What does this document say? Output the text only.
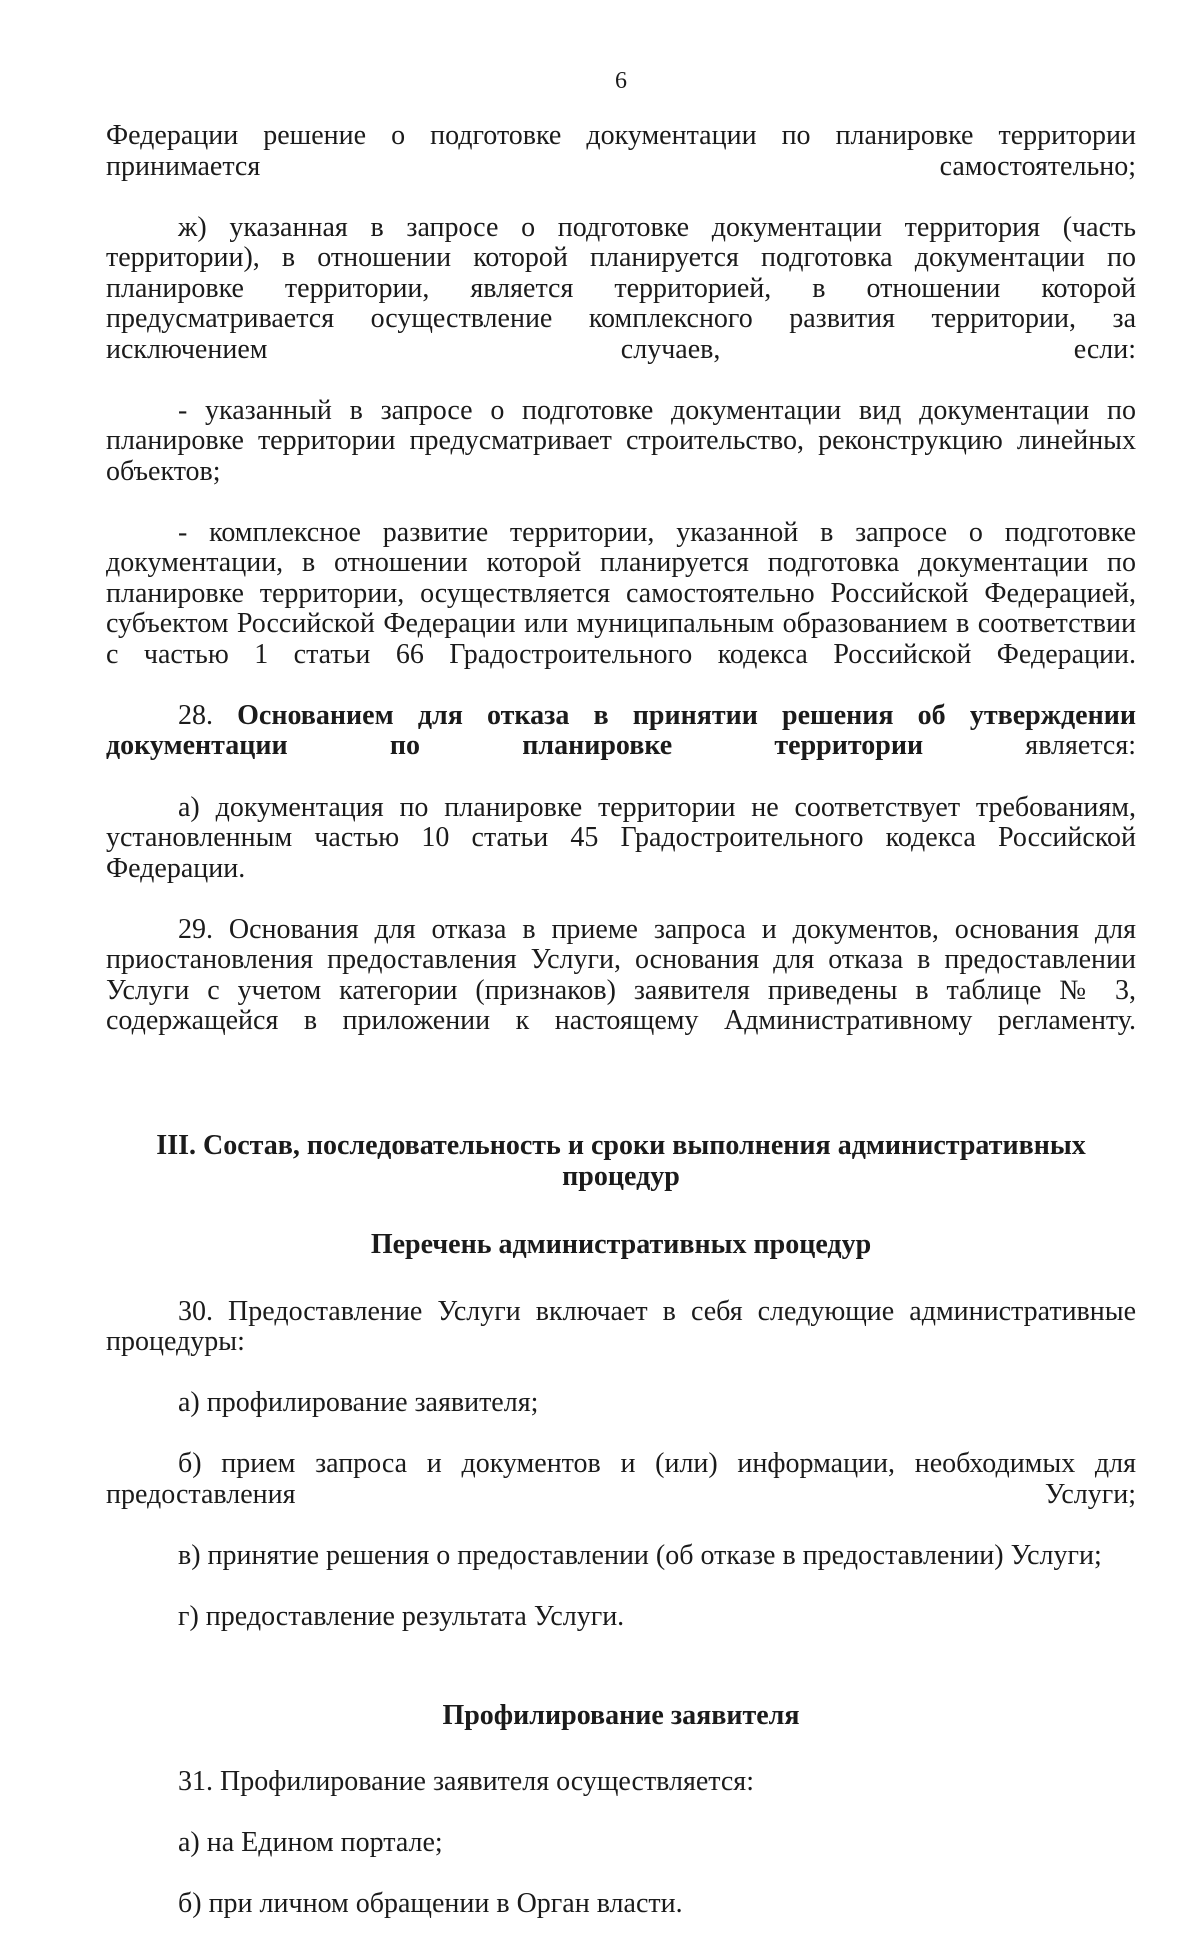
6

Федерации решение о подготовке документации по планировке территории принимается самостоятельно;

ж) указанная в запросе о подготовке документации территория (часть территории), в отношении которой планируется подготовка документации по планировке территории, является территорией, в отношении которой предусматривается осуществление комплексного развития территории, за исключением случаев, если:

- указанный в запросе о подготовке документации вид документации по планировке территории предусматривает строительство, реконструкцию линейных объектов;

- комплексное развитие территории, указанной в запросе о подготовке документации, в отношении которой планируется подготовка документации по планировке территории, осуществляется самостоятельно Российской Федерацией, субъектом Российской Федерации или муниципальным образованием в соответствии с частью 1 статьи 66 Градостроительного кодекса Российской Федерации.

28. Основанием для отказа в принятии решения об утверждении документации по планировке территории является:

а) документация по планировке территории не соответствует требованиям, установленным частью 10 статьи 45 Градостроительного кодекса Российской Федерации.

29. Основания для отказа в приеме запроса и документов, основания для приостановления предоставления Услуги, основания для отказа в предоставлении Услуги с учетом категории (признаков) заявителя приведены в таблице № 3, содержащейся в приложении к настоящему Административному регламенту.

III. Состав, последовательность и сроки выполнения административных
процедур
Перечень административных процедур

30. Предоставление Услуги включает в себя следующие административные процедуры:

а) профилирование заявителя;

б) прием запроса и документов и (или) информации, необходимых для предоставления Услуги;

в) принятие решения о предоставлении (об отказе в предоставлении) Услуги;

г) предоставление результата Услуги.

Профилирование заявителя

31. Профилирование заявителя осуществляется:

а) на Едином портале;

б) при личном обращении в Орган власти.
